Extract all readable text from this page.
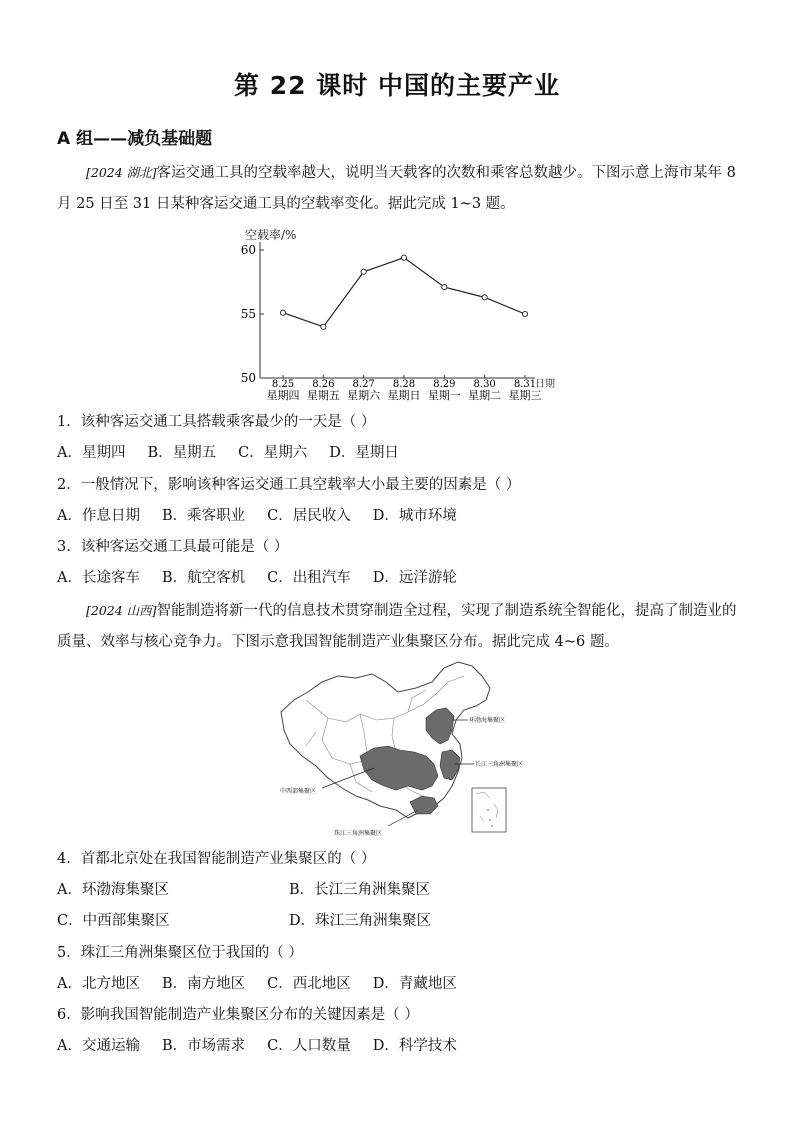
第 22 课时 中国的主要产业
A 组——减负基础题
[2024 湖北]客运交通工具的空载率越大，说明当天载客的次数和乘客总数越少。下图示意上海市某年 8 月 25 日至 31 日某种客运交通工具的空载率变化。据此完成 1~3 题。
空载率/%
日期
60
55
50 8.25
星期四
8.26
星期五
8.27
星期六
8.28
星期日
8.29
星期一
8.30
星期二
8.31
星期三
1．该种客运交通工具搭载乘客最少的一天是（ ）
A．星期四 B．星期五 C．星期六 D．星期日
2．一般情况下，影响该种客运交通工具空载率大小最主要的因素是（ ）
A．作息日期 B．乘客职业 C．居民收入 D．城市环境
3．该种客运交通工具最可能是（ ）
A．长途客车 B．航空客机 C．出租汽车 D．远洋游轮
[2024 山西]智能制造将新一代的信息技术贯穿制造全过程，实现了制造系统全智能化，提高了制造业的质量、效率与核心竞争力。下图示意我国智能制造产业集聚区分布。据此完成 4~6 题。
环渤海集聚区
长江三角洲集聚区
中西部集聚区
珠江三角洲集聚区
4．首都北京处在我国智能制造产业集聚区的（ ）
A．环渤海集聚区	B．长江三角洲集聚区
C．中西部集聚区	D．珠江三角洲集聚区
5．珠江三角洲集聚区位于我国的（ ）
A．北方地区 B．南方地区 C．西北地区 D．青藏地区
6．影响我国智能制造产业集聚区分布的关键因素是（ ）
A．交通运输 B．市场需求 C．人口数量 D．科学技术
